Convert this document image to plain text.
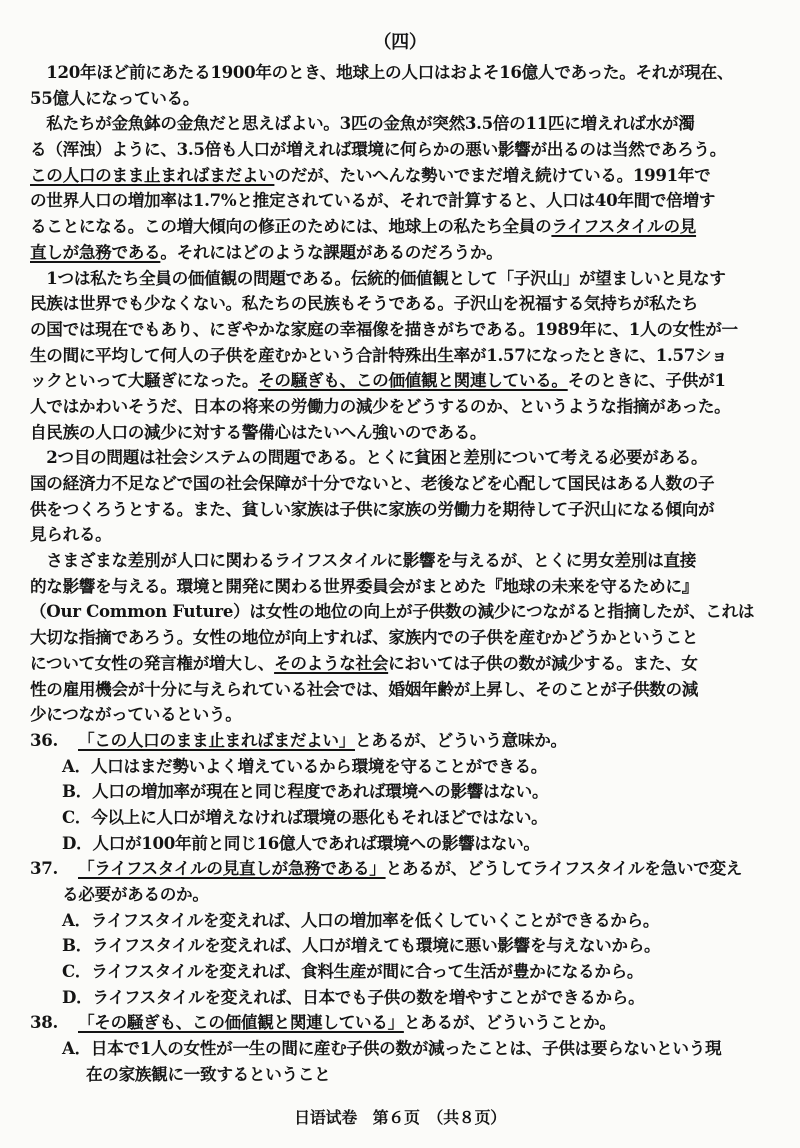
（四）
　120年ほど前にあたる1900年のとき、地球上の人口はおよそ16億人であった。それが現在、
55億人になっている。
　私たちが金魚鉢の金魚だと思えばよい。3匹の金魚が突然3.5倍の11匹に増えれば水が濁
る（浑浊）ように、3.5倍も人口が増えれば環境に何らかの悪い影響が出るのは当然であろう。
この人口のまま止まればまだよいのだが、たいへんな勢いでまだ増え続けている。1991年で
の世界人口の増加率は1.7%と推定されているが、それで計算すると、人口は40年間で倍増す
ることになる。この増大傾向の修正のためには、地球上の私たち全員のライフスタイルの見
直しが急務である。それにはどのような課題があるのだろうか。
　1つは私たち全員の価値観の問題である。伝統的価値観として「子沢山」が望ましいと見なす
民族は世界でも少なくない。私たちの民族もそうである。子沢山を祝福する気持ちが私たち
の国では現在でもあり、にぎやかな家庭の幸福像を描きがちである。1989年に、1人の女性が一
生の間に平均して何人の子供を産むかという合計特殊出生率が1.57になったときに、1.57ショ
ックといって大騒ぎになった。その騒ぎも、この価値観と関連している。そのときに、子供が1
人ではかわいそうだ、日本の将来の労働力の減少をどうするのか、というような指摘があった。
自民族の人口の減少に対する警備心はたいへん強いのである。
　2つ目の問題は社会システムの問題である。とくに貧困と差別について考える必要がある。
国の経済力不足などで国の社会保障が十分でないと、老後などを心配して国民はある人数の子
供をつくろうとする。また、貧しい家族は子供に家族の労働力を期待して子沢山になる傾向が
見られる。
　さまざまな差別が人口に関わるライフスタイルに影響を与えるが、とくに男女差別は直接
的な影響を与える。環境と開発に関わる世界委員会がまとめた『地球の未来を守るために』
（Our Common Future）は女性の地位の向上が子供数の減少につながると指摘したが、これは
大切な指摘であろう。女性の地位が向上すれば、家族内での子供を産むかどうかということ
について女性の発言権が増大し、そのような社会においては子供の数が減少する。また、女
性の雇用機会が十分に与えられている社会では、婚姻年齢が上昇し、そのことが子供数の減
少につながっているという。
36. 「この人口のまま止まればまだよい」とあるが、どういう意味か。
A．人口はまだ勢いよく増えているから環境を守ることができる。
B．人口の増加率が現在と同じ程度であれば環境への影響はない。
C．今以上に人口が増えなければ環境の悪化もそれほどではない。
D．人口が100年前と同じ16億人であれば環境への影響はない。
37. 「ライフスタイルの見直しが急務である」とあるが、どうしてライフスタイルを急いで変え
る必要があるのか。
A．ライフスタイルを変えれば、人口の増加率を低くしていくことができるから。
B．ライフスタイルを変えれば、人口が増えても環境に悪い影響を与えないから。
C．ライフスタイルを変えれば、食料生産が間に合って生活が豊かになるから。
D．ライフスタイルを変えれば、日本でも子供の数を増やすことができるから。
38. 「その騒ぎも、この価値観と関連している」とあるが、どういうことか。
A．日本で1人の女性が一生の間に産む子供の数が減ったことは、子供は要らないという現
在の家族観に一致するということ
日语试卷　第６页　（共８页）
